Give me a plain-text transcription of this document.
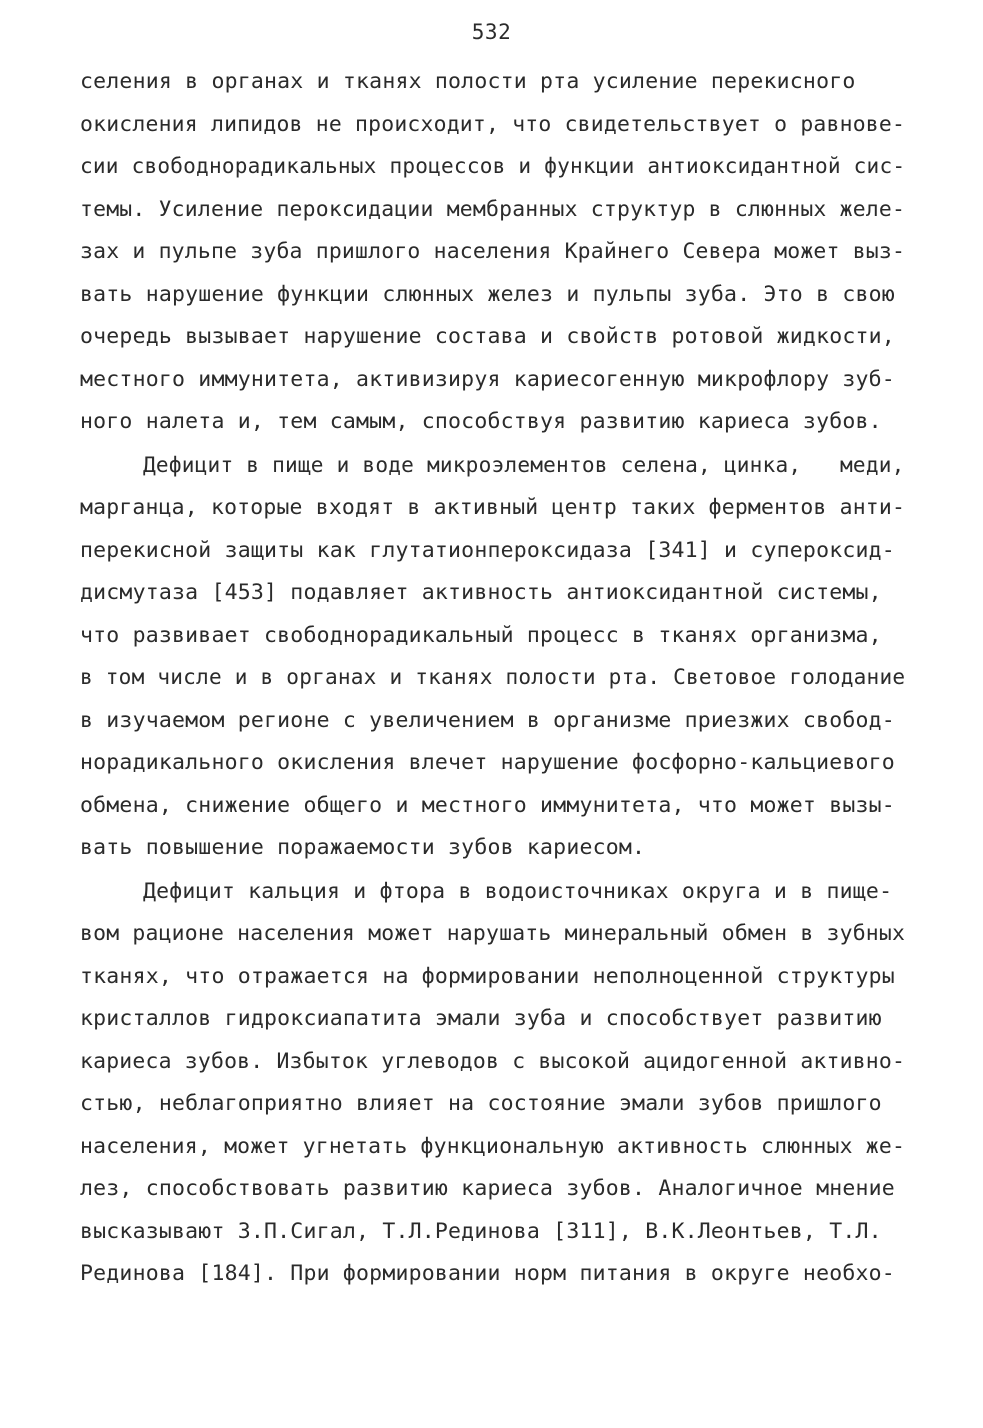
532
селения в органах и тканях полости рта усиление перекисного
окисления липидов не происходит, что свидетельствует о равнове-
сии свободнорадикальных процессов и функции антиоксидантной сис-
темы. Усиление пероксидации мембранных структур в слюнных желе-
зах и пульпе зуба пришлого населения Крайнего Севера может выз-
вать нарушение функции слюнных желез и пульпы зуба. Это в свою
очередь вызывает нарушение состава и свойств ротовой жидкости,
местного иммунитета, активизируя кариесогенную микрофлору зуб-
ного налета и, тем самым, способствуя развитию кариеса зубов.
Дефицит в пище и воде микроэлементов селена, цинка,   меди,
марганца, которые входят в активный центр таких ферментов анти-
перекисной защиты как глутатионпероксидаза [341] и супероксид-
дисмутаза [453] подавляет активность антиоксидантной системы,
что развивает свободнорадикальный процесс в тканях организма,
в том числе и в органах и тканях полости рта. Световое голодание
в изучаемом регионе с увеличением в организме приезжих свобод-
норадикального окисления влечет нарушение фосфорно-кальциевого
обмена, снижение общего и местного иммунитета, что может вызы-
вать повышение поражаемости зубов кариесом.
Дефицит кальция и фтора в водоисточниках округа и в пище-
вом рационе населения может нарушать минеральный обмен в зубных
тканях, что отражается на формировании неполноценной структуры
кристаллов гидроксиапатита эмали зуба и способствует развитию
кариеса зубов. Избыток углеводов с высокой ацидогенной активно-
стью, неблагоприятно влияет на состояние эмали зубов пришлого
населения, может угнетать функциональную активность слюнных же-
лез, способствовать развитию кариеса зубов. Аналогичное мнение
высказывают З.П.Сигал, Т.Л.Рединова [311], В.К.Леонтьев, Т.Л.
Рединова [184]. При формировании норм питания в округе необхо-
